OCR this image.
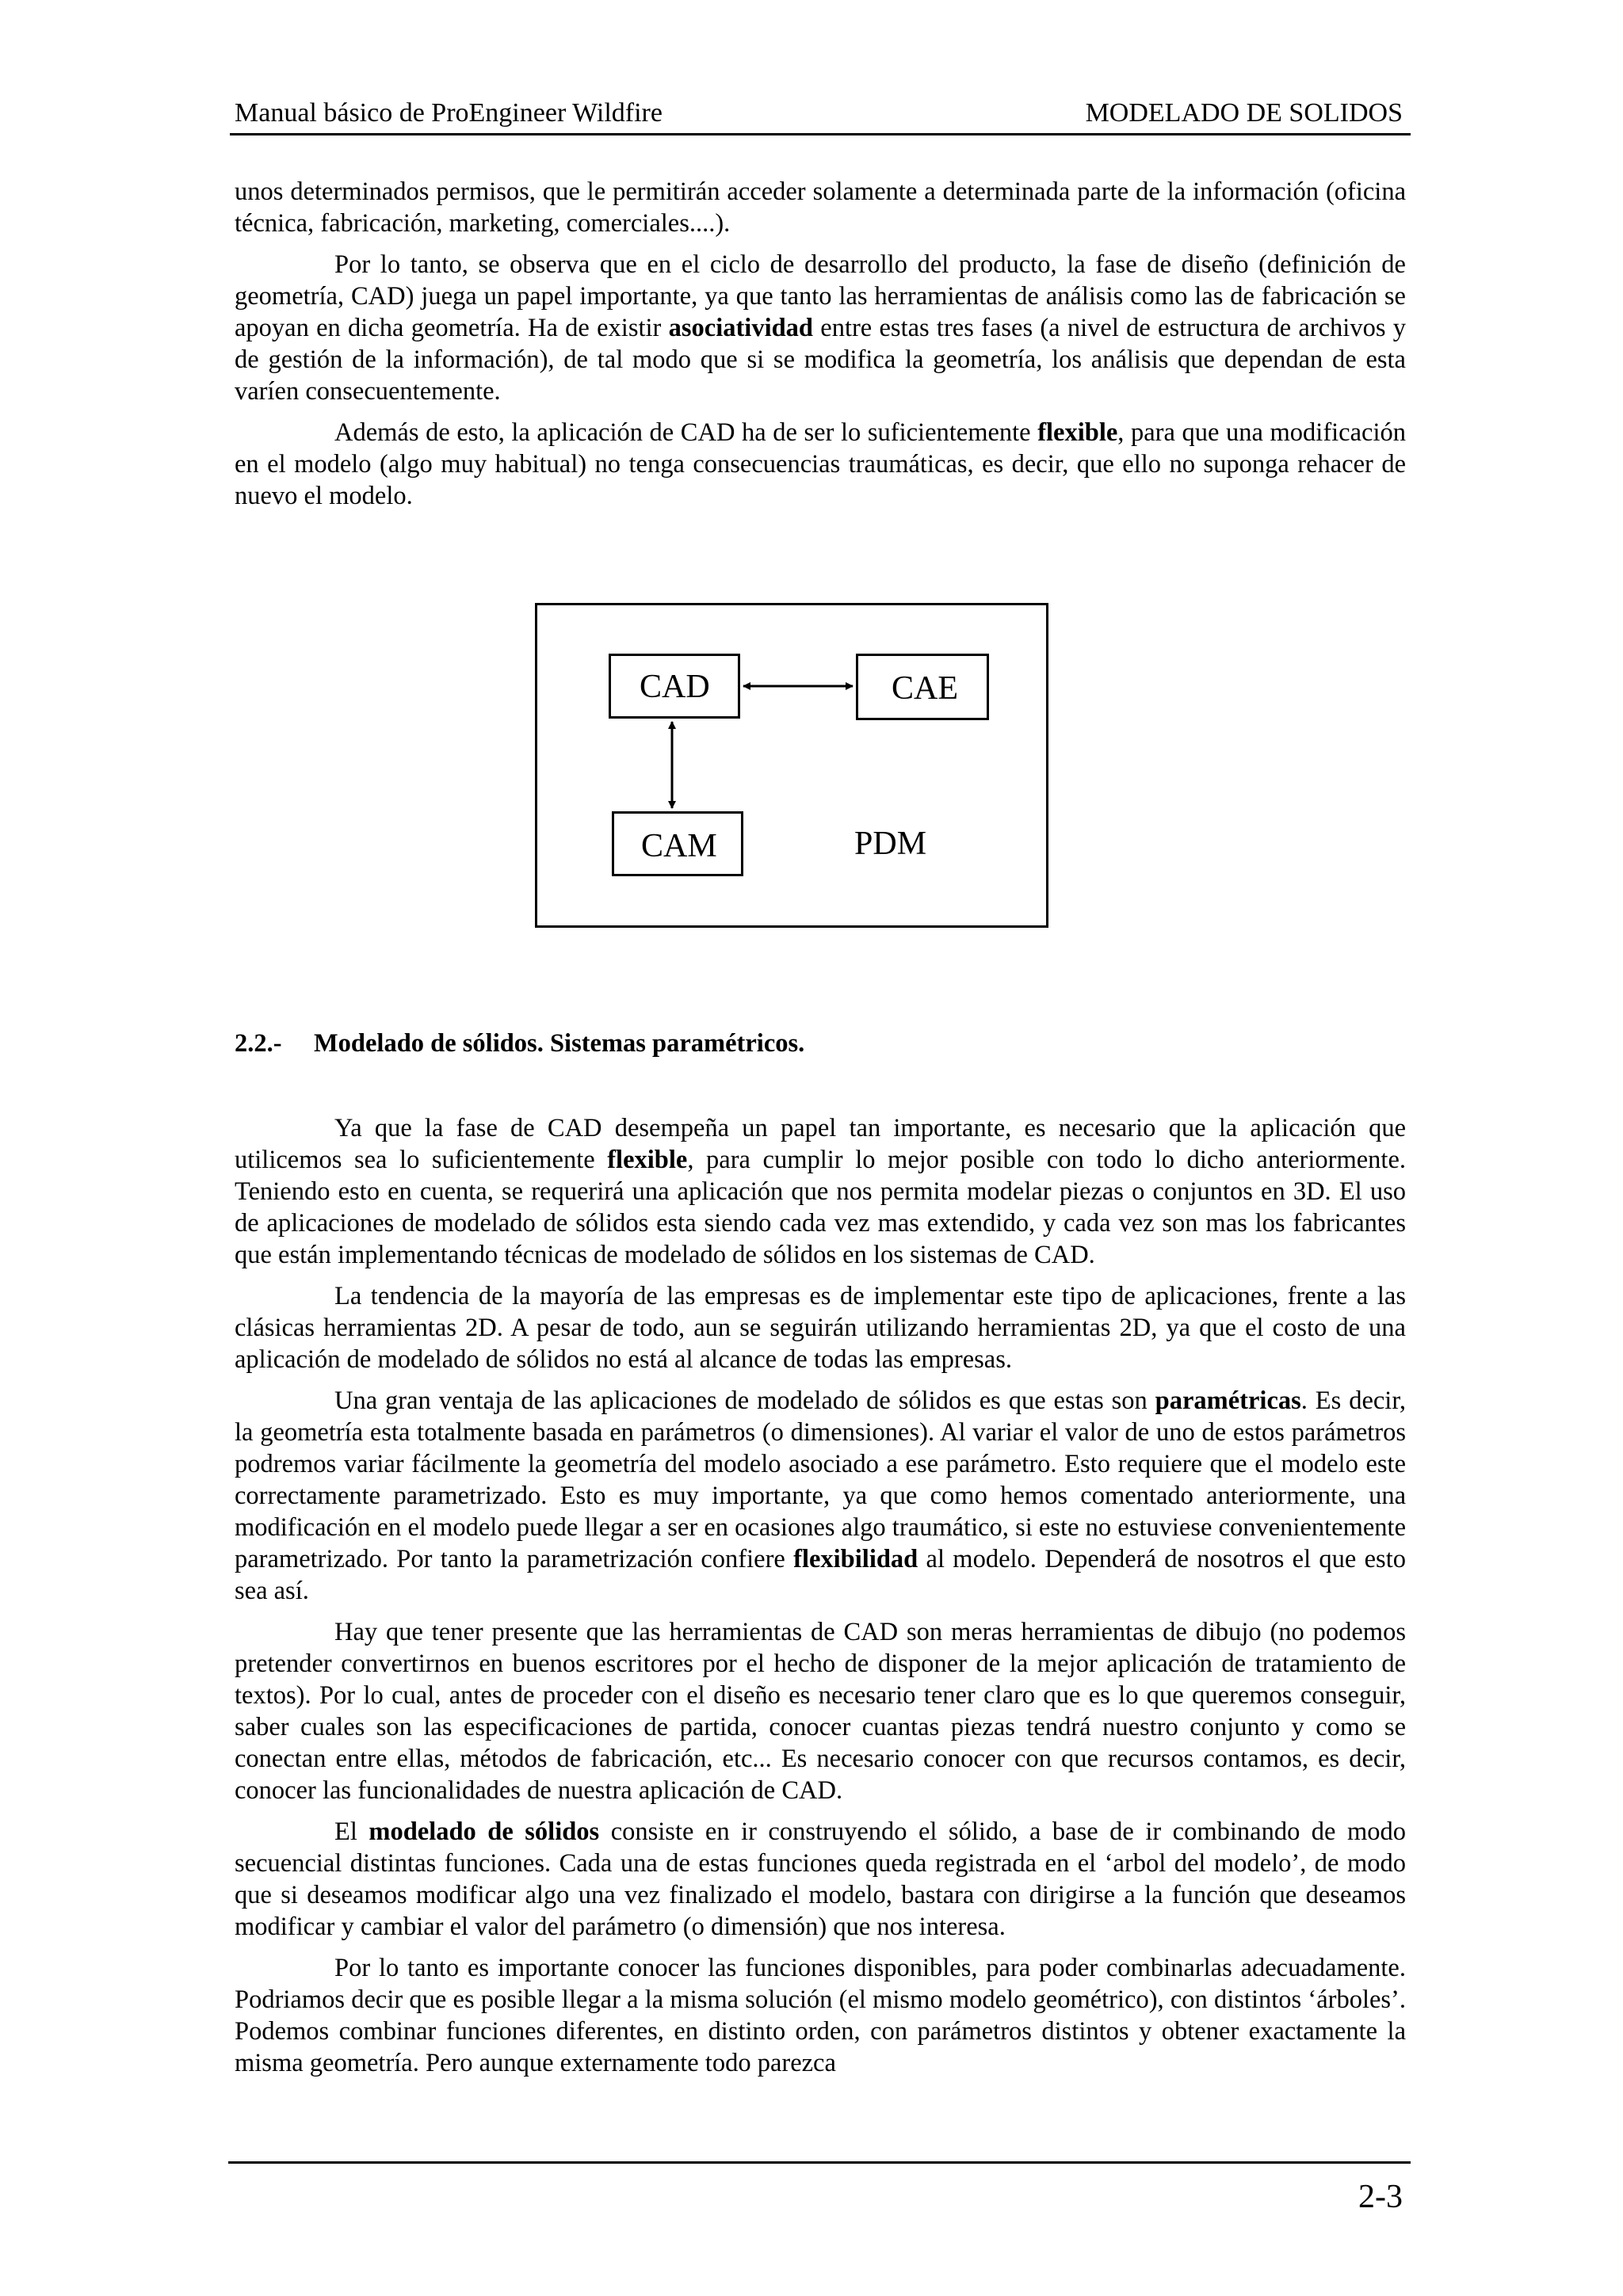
Manual básico de ProEngineer Wildfire	MODELADO DE SOLIDOS

unos determinados permisos, que le permitirán acceder solamente a determinada parte de la información (oficina técnica, fabricación, marketing, comerciales....).

Por lo tanto, se observa que en el ciclo de desarrollo del producto, la fase de diseño (definición de geometría, CAD) juega un papel importante, ya que tanto las herramientas de análisis como las de fabricación se apoyan en dicha geometría. Ha de existir asociatividad entre estas tres fases (a nivel de estructura de archivos y de gestión de la información), de tal modo que si se modifica la geometría, los análisis que dependan de esta varíen consecuentemente.

Además de esto, la aplicación de CAD ha de ser lo suficientemente flexible, para que una modificación en el modelo (algo muy habitual) no tenga consecuencias traumáticas, es decir, que ello no suponga rehacer de nuevo el modelo.

CAD	CAE
CAM	PDM
2.2.- Modelado de sólidos. Sistemas paramétricos.

Ya que la fase de CAD desempeña un papel tan importante, es necesario que la aplicación que utilicemos sea lo suficientemente flexible, para cumplir lo mejor posible con todo lo dicho anteriormente. Teniendo esto en cuenta, se requerirá una aplicación que nos permita modelar piezas o conjuntos en 3D. El uso de aplicaciones de modelado de sólidos esta siendo cada vez mas extendido, y cada vez son mas los fabricantes que están implementando técnicas de modelado de sólidos en los sistemas de CAD.

La tendencia de la mayoría de las empresas es de implementar este tipo de aplicaciones, frente a las clásicas herramientas 2D. A pesar de todo, aun se seguirán utilizando herramientas 2D, ya que el costo de una aplicación de modelado de sólidos no está al alcance de todas las empresas.

Una gran ventaja de las aplicaciones de modelado de sólidos es que estas son paramétricas. Es decir, la geometría esta totalmente basada en parámetros (o dimensiones). Al variar el valor de uno de estos parámetros podremos variar fácilmente la geometría del modelo asociado a ese parámetro. Esto requiere que el modelo este correctamente parametrizado. Esto es muy importante, ya que como hemos comentado anteriormente, una modificación en el modelo puede llegar a ser en ocasiones algo traumático, si este no estuviese convenientemente parametrizado. Por tanto la parametrización confiere flexibilidad al modelo. Dependerá de nosotros el que esto sea así.

Hay que tener presente que las herramientas de CAD son meras herramientas de dibujo (no podemos pretender convertirnos en buenos escritores por el hecho de disponer de la mejor aplicación de tratamiento de textos). Por lo cual, antes de proceder con el diseño es necesario tener claro que es lo que queremos conseguir, saber cuales son las especificaciones de partida, conocer cuantas piezas tendrá nuestro conjunto y como se conectan entre ellas, métodos de fabricación, etc... Es necesario conocer con que recursos contamos, es decir, conocer las funcionalidades de nuestra aplicación de CAD.

El modelado de sólidos consiste en ir construyendo el sólido, a base de ir combinando de modo secuencial distintas funciones. Cada una de estas funciones queda registrada en el ‘arbol del modelo’, de modo que si deseamos modificar algo una vez finalizado el modelo, bastara con dirigirse a la función que deseamos modificar y cambiar el valor del parámetro (o dimensión) que nos interesa.

Por lo tanto es importante conocer las funciones disponibles, para poder combinarlas adecuadamente. Podriamos decir que es posible llegar a la misma solución (el mismo modelo geométrico), con distintos ‘árboles’. Podemos combinar funciones diferentes, en distinto orden, con parámetros distintos y obtener exactamente la misma geometría. Pero aunque externamente todo parezca

2-3
